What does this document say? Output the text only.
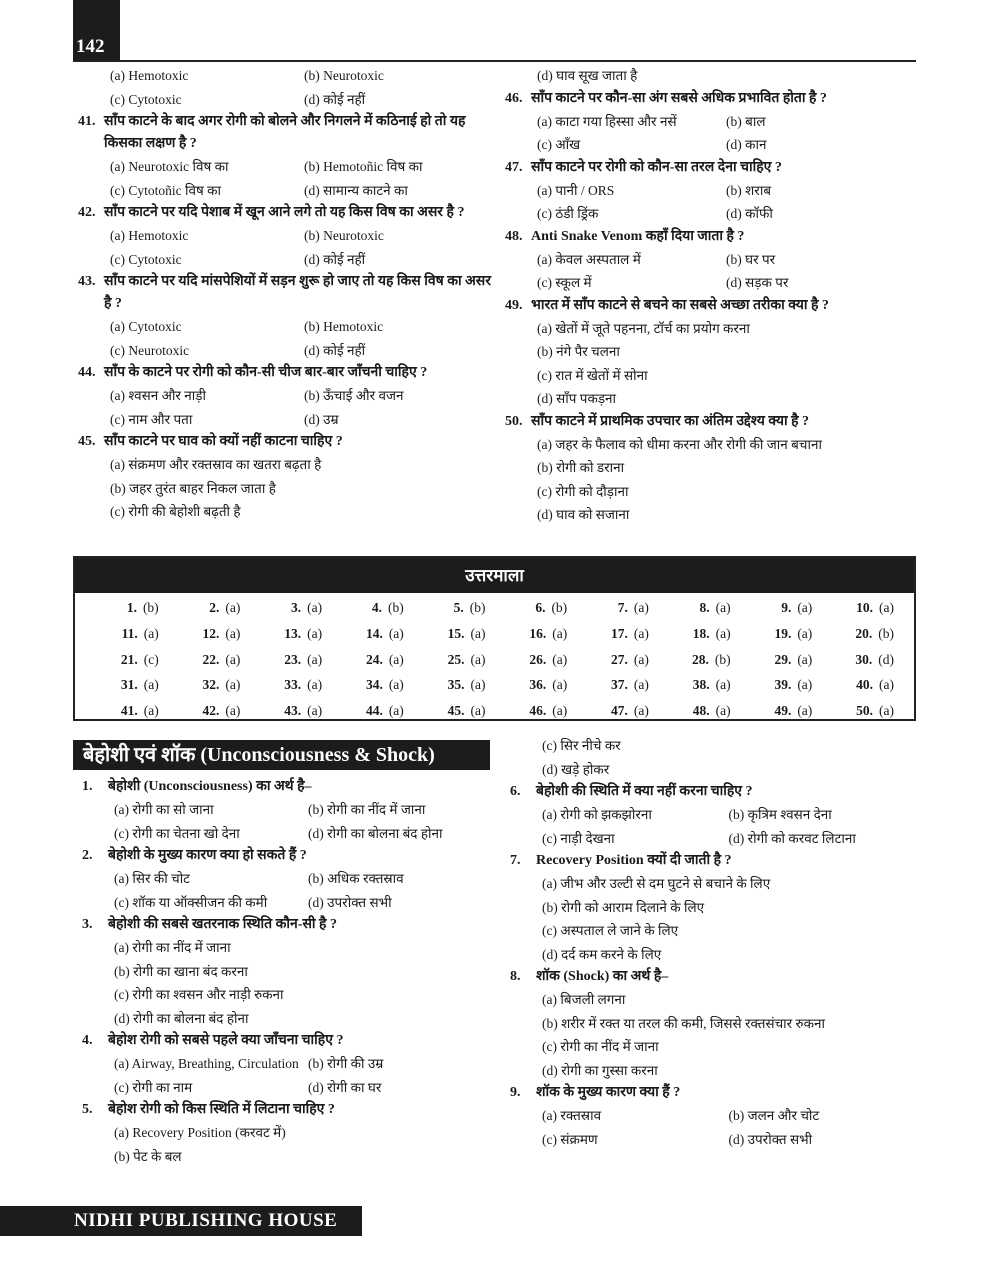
142
(a) Hemotoxic	(b) Neurotoxic
(c) Cytotoxic	(d) कोई नहीं
41. साँप काटने के बाद अगर रोगी को बोलने और निगलने में कठिनाई हो तो यह किसका लक्षण है ?
(a) Neurotoxic विष का	(b) Hemotoñic विष का
(c) Cytotoñic विष का	(d) सामान्य काटने का
42. साँप काटने पर यदि पेशाब में खून आने लगे तो यह किस विष का असर है ?
(a) Hemotoxic	(b) Neurotoxic
(c) Cytotoxic	(d) कोई नहीं
43. साँप काटने पर यदि मांसपेशियों में सड़न शुरू हो जाए तो यह किस विष का असर है ?
(a) Cytotoxic	(b) Hemotoxic
(c) Neurotoxic	(d) कोई नहीं
44. साँप के काटने पर रोगी को कौन-सी चीज बार-बार जाँचनी चाहिए ?
(a) श्वसन और नाड़ी	(b) ऊँचाई और वजन
(c) नाम और पता	(d) उम्र
45. साँप काटने पर घाव को क्यों नहीं काटना चाहिए ?
(a) संक्रमण और रक्तस्राव का खतरा बढ़ता है
(b) जहर तुरंत बाहर निकल जाता है
(c) रोगी की बेहोशी बढ़ती है
(d) घाव सूख जाता है
46. साँप काटने पर कौन-सा अंग सबसे अधिक प्रभावित होता है ?
(a) काटा गया हिस्सा और नसें	(b) बाल
(c) आँख	(d) कान
47. साँप काटने पर रोगी को कौन-सा तरल देना चाहिए ?
(a) पानी / ORS	(b) शराब
(c) ठंडी ड्रिंक	(d) कॉफी
48. Anti Snake Venom कहाँ दिया जाता है ?
(a) केवल अस्पताल में	(b) घर पर
(c) स्कूल में	(d) सड़क पर
49. भारत में साँप काटने से बचने का सबसे अच्छा तरीका क्या है ?
(a) खेतों में जूते पहनना, टॉर्च का प्रयोग करना
(b) नंगे पैर चलना
(c) रात में खेतों में सोना
(d) साँप पकड़ना
50. साँप काटने में प्राथमिक उपचार का अंतिम उद्देश्य क्या है ?
(a) जहर के फैलाव को धीमा करना और रोगी की जान बचाना
(b) रोगी को डराना
(c) रोगी को दौड़ाना
(d) घाव को सजाना
उत्तरमाला
1. (b)	2. (a)	3. (a)	4. (b)	5. (b)	6. (b)	7. (a)	8. (a)	9. (a)	10. (a)
11. (a)	12. (a)	13. (a)	14. (a)	15. (a)	16. (a)	17. (a)	18. (a)	19. (a)	20. (b)
21. (c)	22. (a)	23. (a)	24. (a)	25. (a)	26. (a)	27. (a)	28. (b)	29. (a)	30. (d)
31. (a)	32. (a)	33. (a)	34. (a)	35. (a)	36. (a)	37. (a)	38. (a)	39. (a)	40. (a)
41. (a)	42. (a)	43. (a)	44. (a)	45. (a)	46. (a)	47. (a)	48. (a)	49. (a)	50. (a)
बेहोशी एवं शॉक (Unconsciousness & Shock)
1.	बेहोशी (Unconsciousness) का अर्थ है–
(a) रोगी का सो जाना	(b) रोगी का नींद में जाना
(c) रोगी का चेतना खो देना	(d) रोगी का बोलना बंद होना
2.	बेहोशी के मुख्य कारण क्या हो सकते हैं ?
(a) सिर की चोट	(b) अधिक रक्तस्राव
(c) शॉक या ऑक्सीजन की कमी	(d) उपरोक्त सभी
3.	बेहोशी की सबसे खतरनाक स्थिति कौन-सी है ?
(a) रोगी का नींद में जाना
(b) रोगी का खाना बंद करना
(c) रोगी का श्वसन और नाड़ी रुकना
(d) रोगी का बोलना बंद होना
4.	बेहोश रोगी को सबसे पहले क्या जाँचना चाहिए ?
(a) Airway, Breathing, Circulation (b) रोगी की उम्र
(c) रोगी का नाम	(d) रोगी का घर
5.	बेहोश रोगी को किस स्थिति में लिटाना चाहिए ?
(a) Recovery Position (करवट में)
(b) पेट के बल
(c) सिर नीचे कर
(d) खड़े होकर
6.	बेहोशी की स्थिति में क्या नहीं करना चाहिए ?
(a) रोगी को झकझोरना	(b) कृत्रिम श्वसन देना
(c) नाड़ी देखना	(d) रोगी को करवट लिटाना
7.	Recovery Position क्यों दी जाती है ?
(a) जीभ और उल्टी से दम घुटने से बचाने के लिए
(b) रोगी को आराम दिलाने के लिए
(c) अस्पताल ले जाने के लिए
(d) दर्द कम करने के लिए
8.	शॉक (Shock) का अर्थ है–
(a) बिजली लगना
(b) शरीर में रक्त या तरल की कमी, जिससे रक्तसंचार रुकना
(c) रोगी का नींद में जाना
(d) रोगी का गुस्सा करना
9.	शॉक के मुख्य कारण क्या हैं ?
(a) रक्तस्राव	(b) जलन और चोट
(c) संक्रमण	(d) उपरोक्त सभी
NIDHI PUBLISHING HOUSE
